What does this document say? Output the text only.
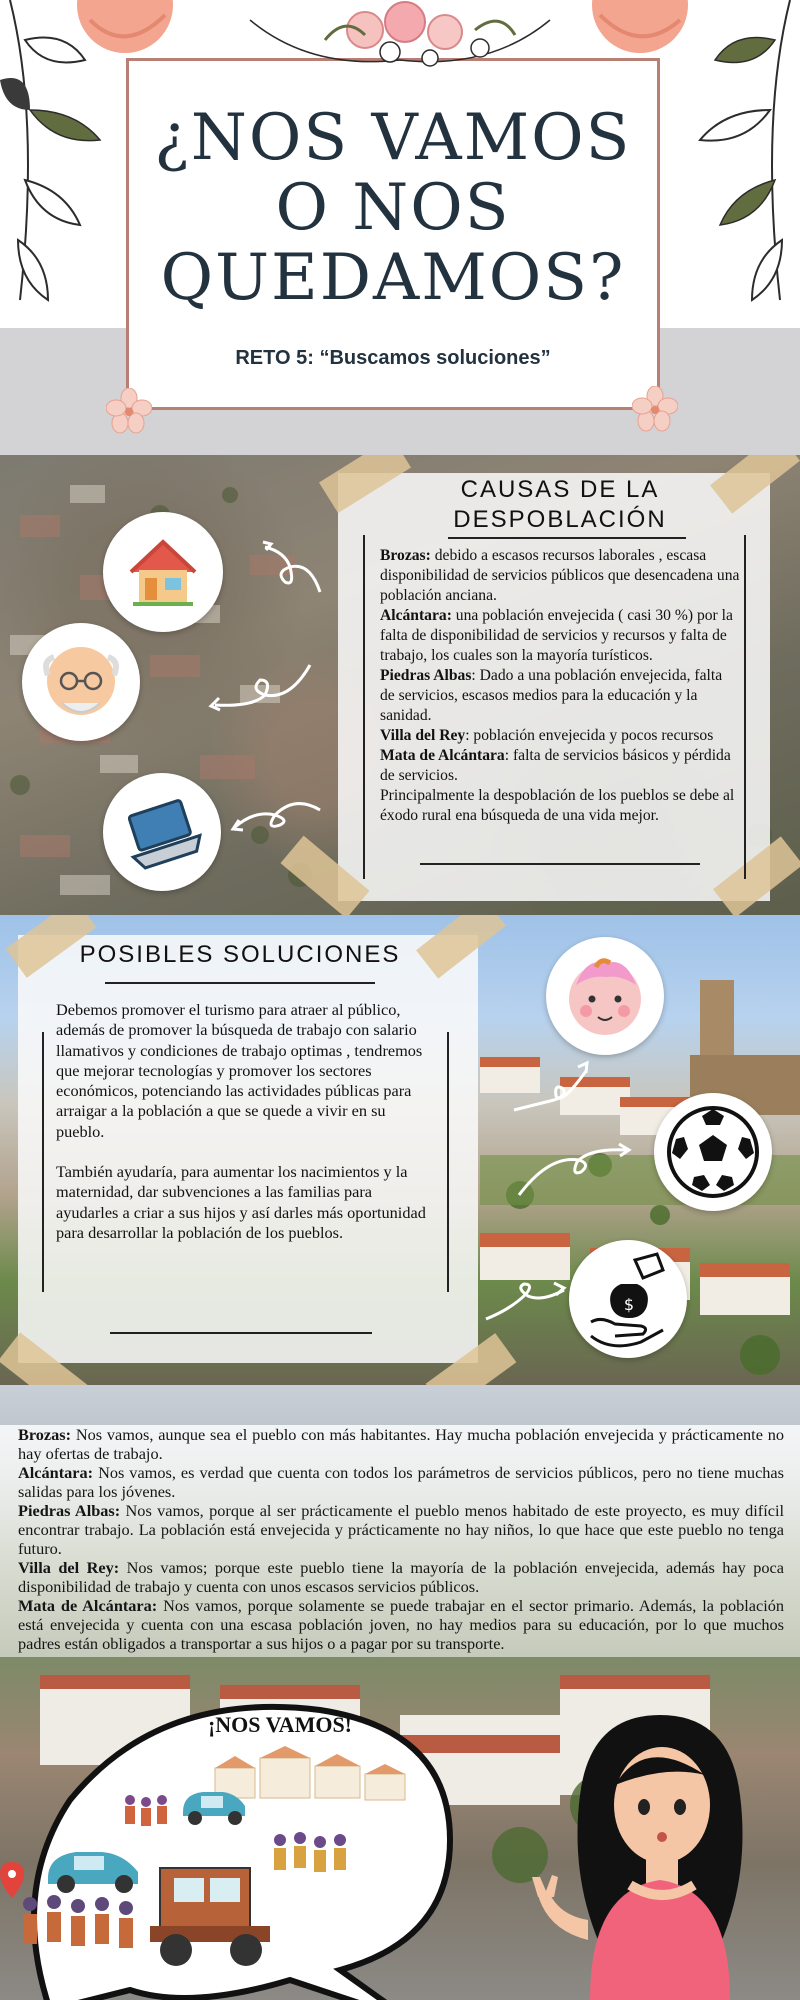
¿NOS VAMOS
O NOS
QUEDAMOS?
RETO 5: “Buscamos soluciones”
CAUSAS DE LA
DESPOBLACIÓN

Brozas: debido a escasos recursos laborales , escasa disponibilidad de servicios públicos que desencadena una población anciana.

Alcántara: una población envejecida ( casi 30 %) por la falta de disponibilidad de servicios y recursos y falta de trabajo, los cuales son la mayoría turísticos.

Piedras Albas: Dado a una población envejecida, falta de servicios, escasos medios para la educación y la sanidad.

Villa del Rey: población envejecida y pocos recursos

Mata de Alcántara: falta de servicios básicos y pérdida de servicios.

Principalmente la despoblación de los pueblos se debe al éxodo rural ena búsqueda de una vida mejor.

POSIBLES SOLUCIONES

Debemos promover el turismo para atraer al público, además de promover la búsqueda de trabajo con salario llamativos y condiciones de trabajo optimas , tendremos que mejorar tecnologías y promover los sectores económicos, potenciando las actividades públicas para arraigar a la población a que se quede a vivir en su pueblo.

También ayudaría, para aumentar los nacimientos y la maternidad, dar subvenciones a las familias para ayudarles a criar a sus hijos y así darles más oportunidad para desarrollar la población de los pueblos.

$

Brozas: Nos vamos, aunque sea el pueblo con más habitantes. Hay mucha población envejecida y prácticamente no hay ofertas de trabajo.

Alcántara: Nos vamos, es verdad que cuenta con todos los parámetros de servicios públicos, pero no tiene muchas salidas para los jóvenes.

Piedras Albas: Nos vamos, porque al ser prácticamente el pueblo menos habitado de este proyecto, es muy difícil encontrar trabajo. La población está envejecida y prácticamente no hay niños, lo que hace que este pueblo no tenga futuro.

Villa del Rey: Nos vamos; porque este pueblo tiene la mayoría de la población envejecida, además hay poca disponibilidad de trabajo y cuenta con unos escasos servicios públicos.

Mata de Alcántara: Nos vamos, porque solamente se puede trabajar en el sector primario. Además, la población está envejecida y cuenta con una escasa población joven, no hay medios para su educación, por lo que muchos padres están obligados a transportar a sus hijos o a pagar por su transporte.

¡NOS VAMOS!
